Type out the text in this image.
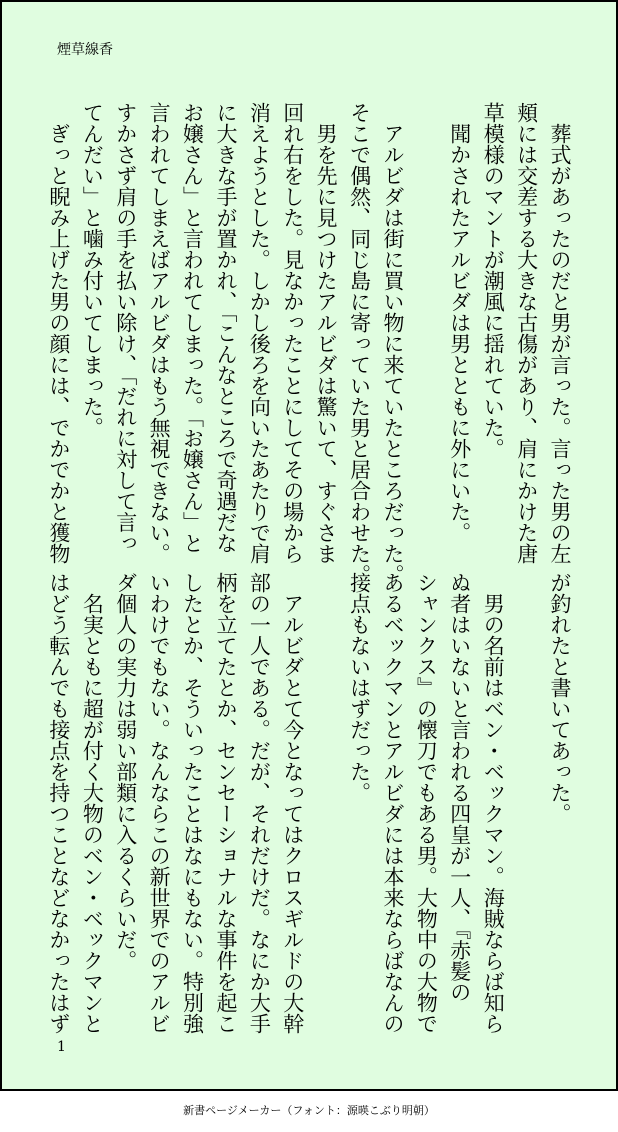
煙草線香
　葬式があったのだと男が言った。言った男の左
頬には交差する大きな古傷があり、肩にかけた唐
草模様のマントが潮風に揺れていた。
　聞かされたアルビダは男とともに外にいた。

　アルビダは街に買い物に来ていたところだった。
そこで偶然、同じ島に寄っていた男と居合わせた。
　男を先に見つけたアルビダは驚いて、すぐさま
回れ右をした。見なかったことにしてその場から
消えようとした。しかし後ろを向いたあたりで肩
に大きな手が置かれ、「こんなところで奇遇だな
お嬢さん」と言われてしまった。「お嬢さん」と
言われてしまえばアルビダはもう無視できない。
すかさず肩の手を払い除け、「だれに対して言っ
てんだい」と噛み付いてしまった。
　ぎっと睨み上げた男の顔には、でかでかと獲物
が釣れたと書いてあった。

　男の名前はベン・ベックマン。海賊ならば知ら
ぬ者はいないと言われる四皇が一人、『赤髪の
シャンクス』の懐刀でもある男。大物中の大物で
あるベックマンとアルビダには本来ならばなんの
接点もないはずだった。

　アルビダとて今となってはクロスギルドの大幹
部の一人である。だが、それだけだ。なにか大手
柄を立てたとか、センセーショナルな事件を起こ
したとか、そういったことはなにもない。特別強
いわけでもない。なんならこの新世界でのアルビ
ダ個人の実力は弱い部類に入るくらいだ。
　名実ともに超が付く大物のベン・ベックマンと
はどう転んでも接点を持つことなどなかったはず
1
新書ページメーカー（フォント：源暎こぶり明朝）
